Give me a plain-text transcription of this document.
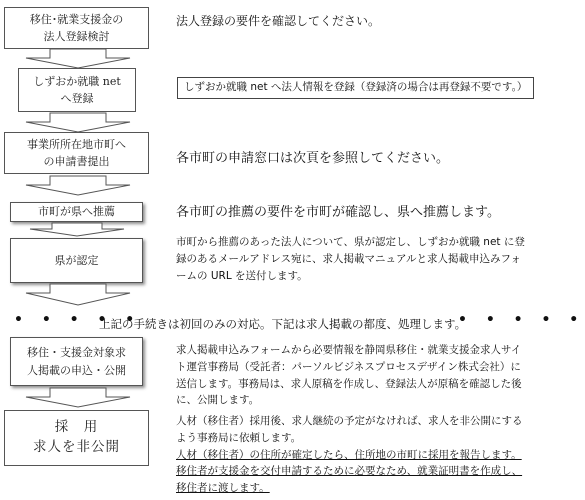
移住･就業支援金の
法人登録検討
しずおか就職 net
へ登録
事業所所在地市町へ
の申請書提出
市町が県へ推薦
県が認定
移住・支援金対象求
人掲載の申込・公開
採　用
求人を非公開
法人登録の要件を確認してください。
しずおか就職 net へ法人情報を登録（登録済の場合は再登録不要です。）
各市町の申請窓口は次頁を参照してください。
各市町の推薦の要件を市町が確認し、県へ推薦します。
市町から推薦のあった法人について、県が認定し、しずおか就職 net に登録のあるメールアドレス宛に、求人掲載マニュアルと求人掲載申込みフォームの URL を送付します。
• • • • •
上記の手続きは初回のみの対応。下記は求人掲載の都度、処理します。
• • • • •
求人掲載申込みフォームから必要情報を静岡県移住・就業支援金求人サイト運営事務局（受託者：パーソルビジネスプロセスデザイン株式会社）に送信します。事務局は、求人原稿を作成し、登録法人が原稿を確認した後に、公開します。
人材（移住者）採用後、求人継続の予定がなければ、求人を非公開にするよう事務局に依頼します。
人材（移住者）の住所が確定したら、住所地の市町に採用を報告します。
移住者が支援金を交付申請するために必要なため、就業証明書を作成し、移住者に渡します。
